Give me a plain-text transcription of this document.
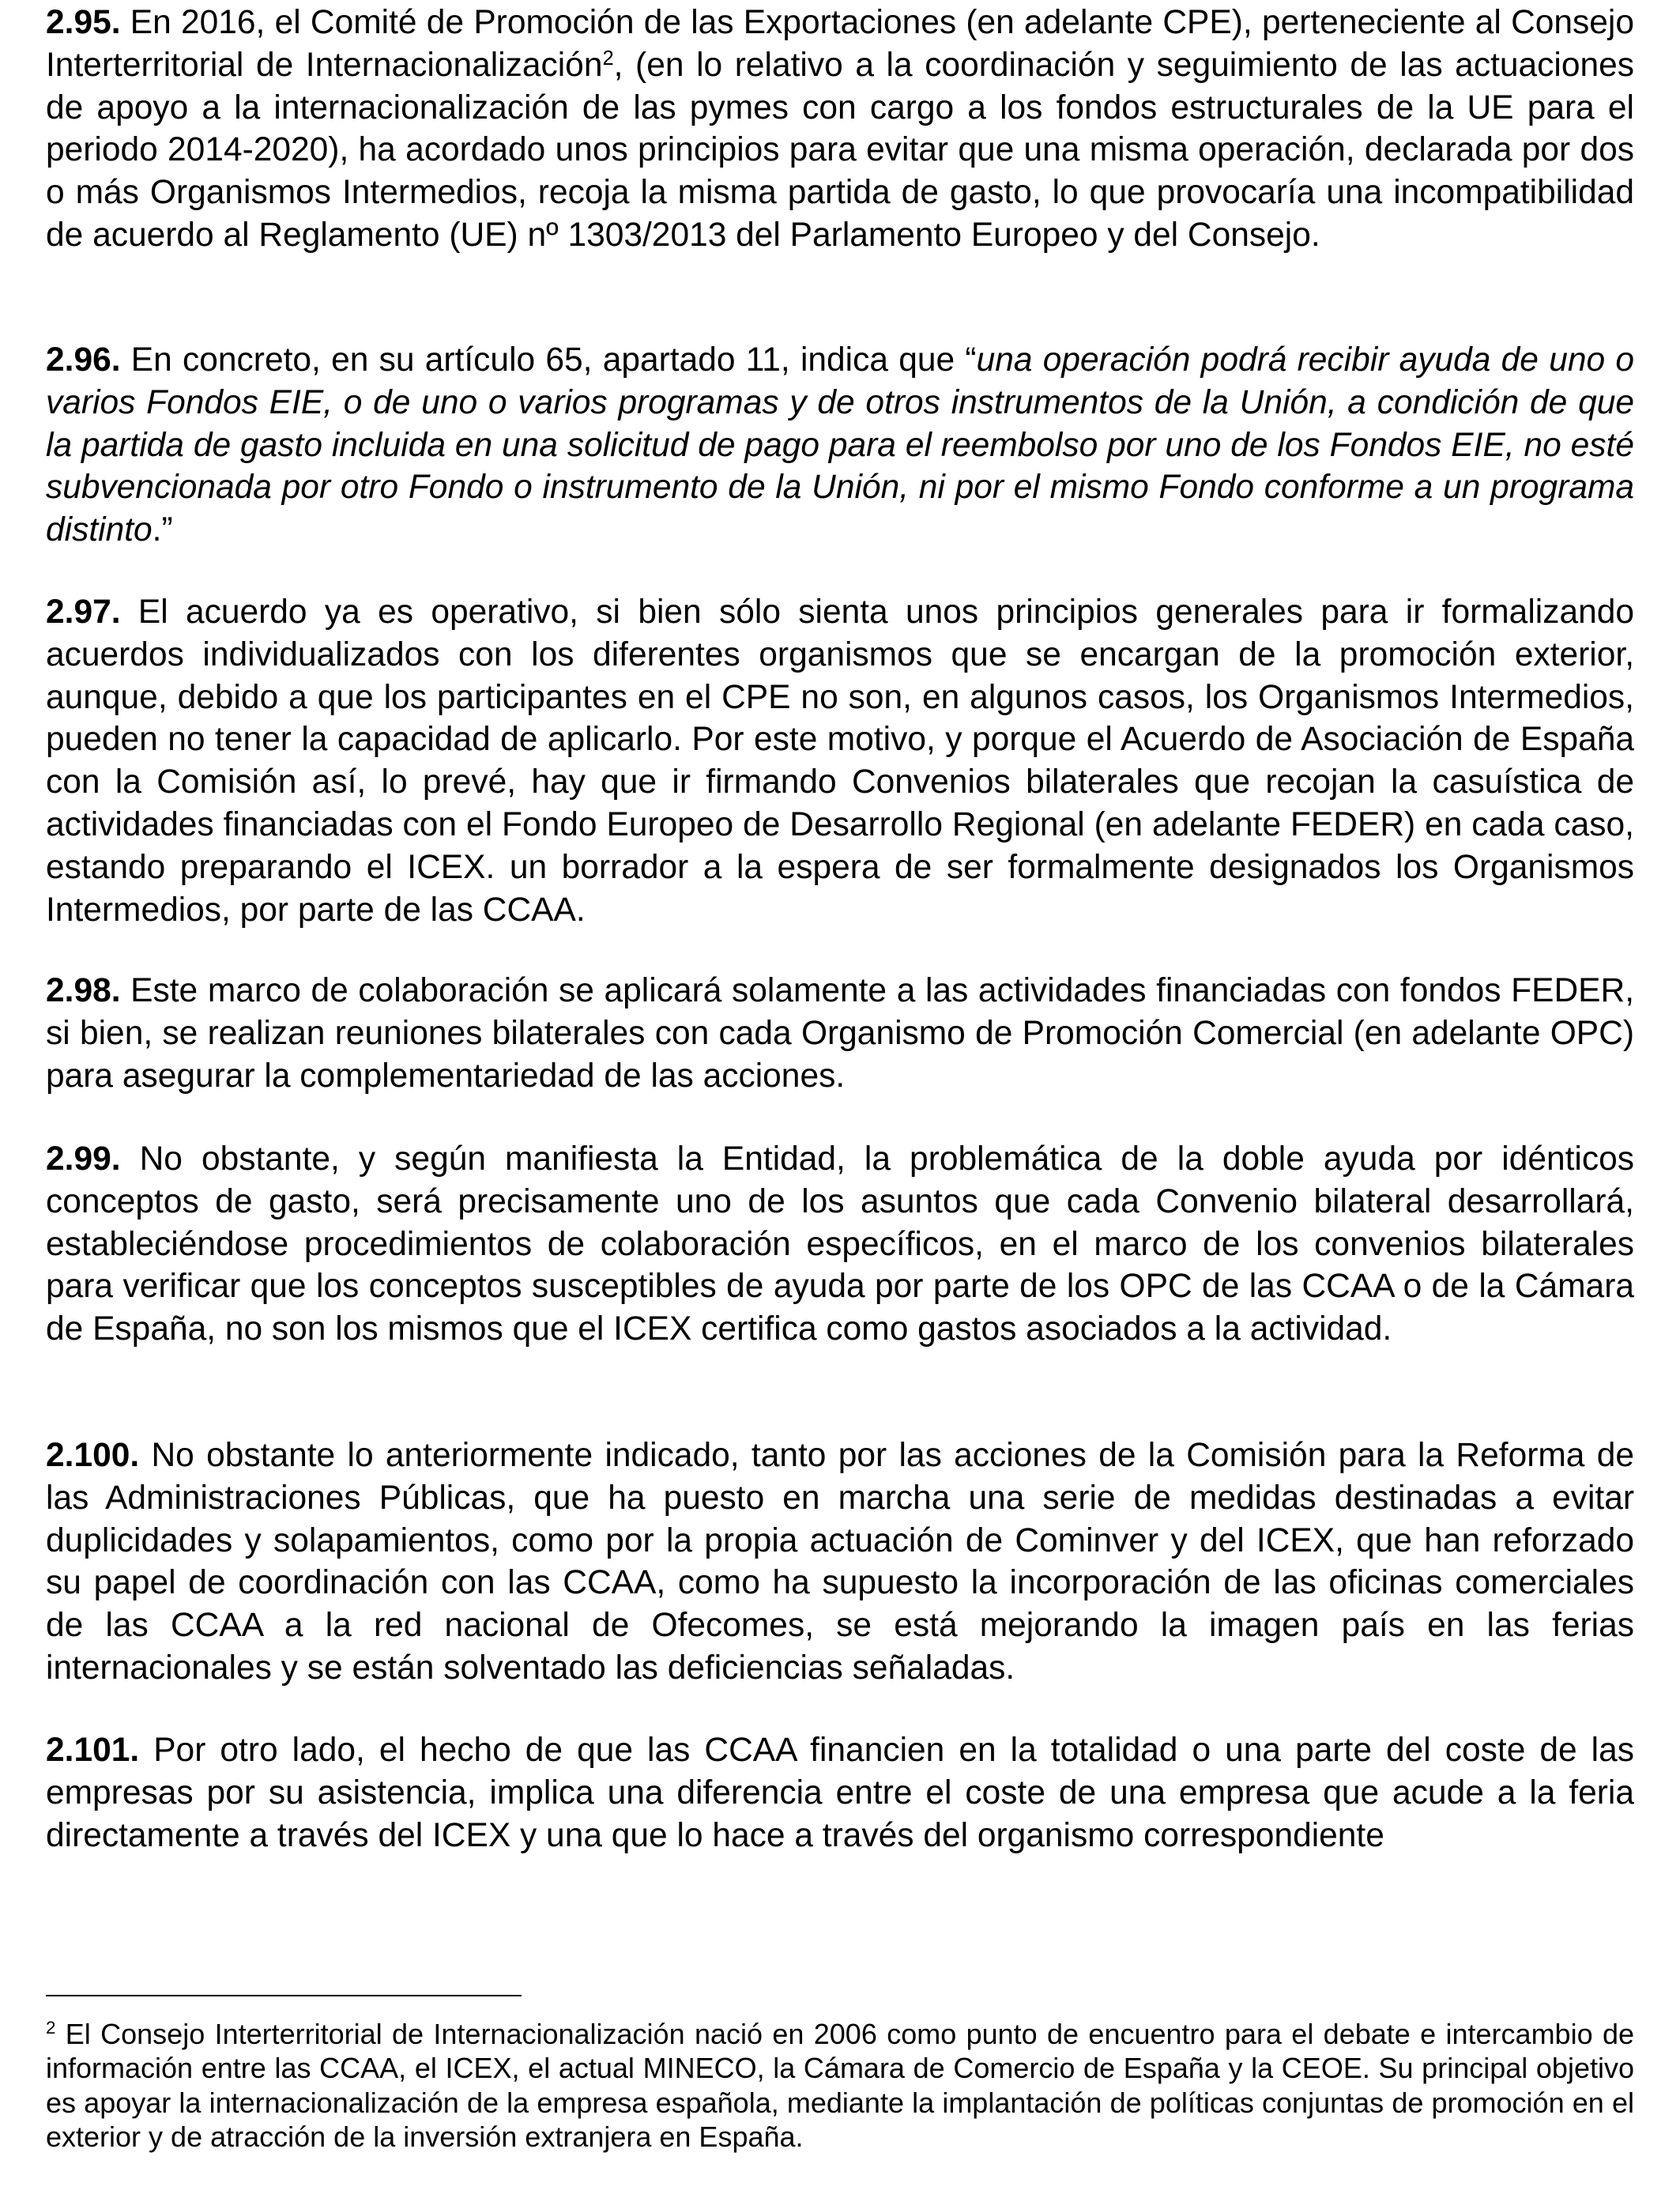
2.95. En 2016, el Comité de Promoción de las Exportaciones (en adelante CPE), perteneciente al Consejo Interterritorial de Internacionalización$^2$, (en lo relativo a la coordinación y seguimiento de las actuaciones de apoyo a la internacionalización de las pymes con cargo a los fondos estructurales de la UE para el periodo 2014-2020), ha acordado unos principios para evitar que una misma operación, declarada por dos o más Organismos Intermedios, recoja la misma partida de gasto, lo que provocaría una incompatibilidad de acuerdo al Reglamento (UE) nº 1303/2013 del Parlamento Europeo y del Consejo.

2.96. En concreto, en su artículo 65, apartado 11, indica que “una operación podrá recibir ayuda de uno o varios Fondos EIE, o de uno o varios programas y de otros instrumentos de la Unión, a condición de que la partida de gasto incluida en una solicitud de pago para el reembolso por uno de los Fondos EIE, no esté subvencionada por otro Fondo o instrumento de la Unión, ni por el mismo Fondo conforme a un programa distinto.”

2.97. El acuerdo ya es operativo, si bien sólo sienta unos principios generales para ir formalizando acuerdos individualizados con los diferentes organismos que se encargan de la promoción exterior, aunque, debido a que los participantes en el CPE no son, en algunos casos, los Organismos Intermedios, pueden no tener la capacidad de aplicarlo. Por este motivo, y porque el Acuerdo de Asociación de España con la Comisión así, lo prevé, hay que ir firmando Convenios bilaterales que recojan la casuística de actividades financiadas con el Fondo Europeo de Desarrollo Regional (en adelante FEDER) en cada caso, estando preparando el ICEX. un borrador a la espera de ser formalmente designados los Organismos Intermedios, por parte de las CCAA.

2.98. Este marco de colaboración se aplicará solamente a las actividades financiadas con fondos FEDER, si bien, se realizan reuniones bilaterales con cada Organismo de Promoción Comercial (en adelante OPC) para asegurar la complementariedad de las acciones.

2.99. No obstante, y según manifiesta la Entidad, la problemática de la doble ayuda por idénticos conceptos de gasto, será precisamente uno de los asuntos que cada Convenio bilateral desarrollará, estableciéndose procedimientos de colaboración específicos, en el marco de los convenios bilaterales para verificar que los conceptos susceptibles de ayuda por parte de los OPC de las CCAA o de la Cámara de España, no son los mismos que el ICEX certifica como gastos asociados a la actividad.

2.100. No obstante lo anteriormente indicado, tanto por las acciones de la Comisión para la Reforma de las Administraciones Públicas, que ha puesto en marcha una serie de medidas destinadas a evitar duplicidades y solapamientos, como por la propia actuación de Cominver y del ICEX, que han reforzado su papel de coordinación con las CCAA, como ha supuesto la incorporación de las oficinas comerciales de las CCAA a la red nacional de Ofecomes, se está mejorando la imagen país en las ferias internacionales y se están solventado las deficiencias señaladas.

2.101. Por otro lado, el hecho de que las CCAA financien en la totalidad o una parte del coste de las empresas por su asistencia, implica una diferencia entre el coste de una empresa que acude a la feria directamente a través del ICEX y una que lo hace a través del organismo correspondiente

$^2$ El Consejo Interterritorial de Internacionalización nació en 2006 como punto de encuentro para el debate e intercambio de información entre las CCAA, el ICEX, el actual MINECO, la Cámara de Comercio de España y la CEOE. Su principal objetivo es apoyar la internacionalización de la empresa española, mediante la implantación de políticas conjuntas de promoción en el exterior y de atracción de la inversión extranjera en España.
